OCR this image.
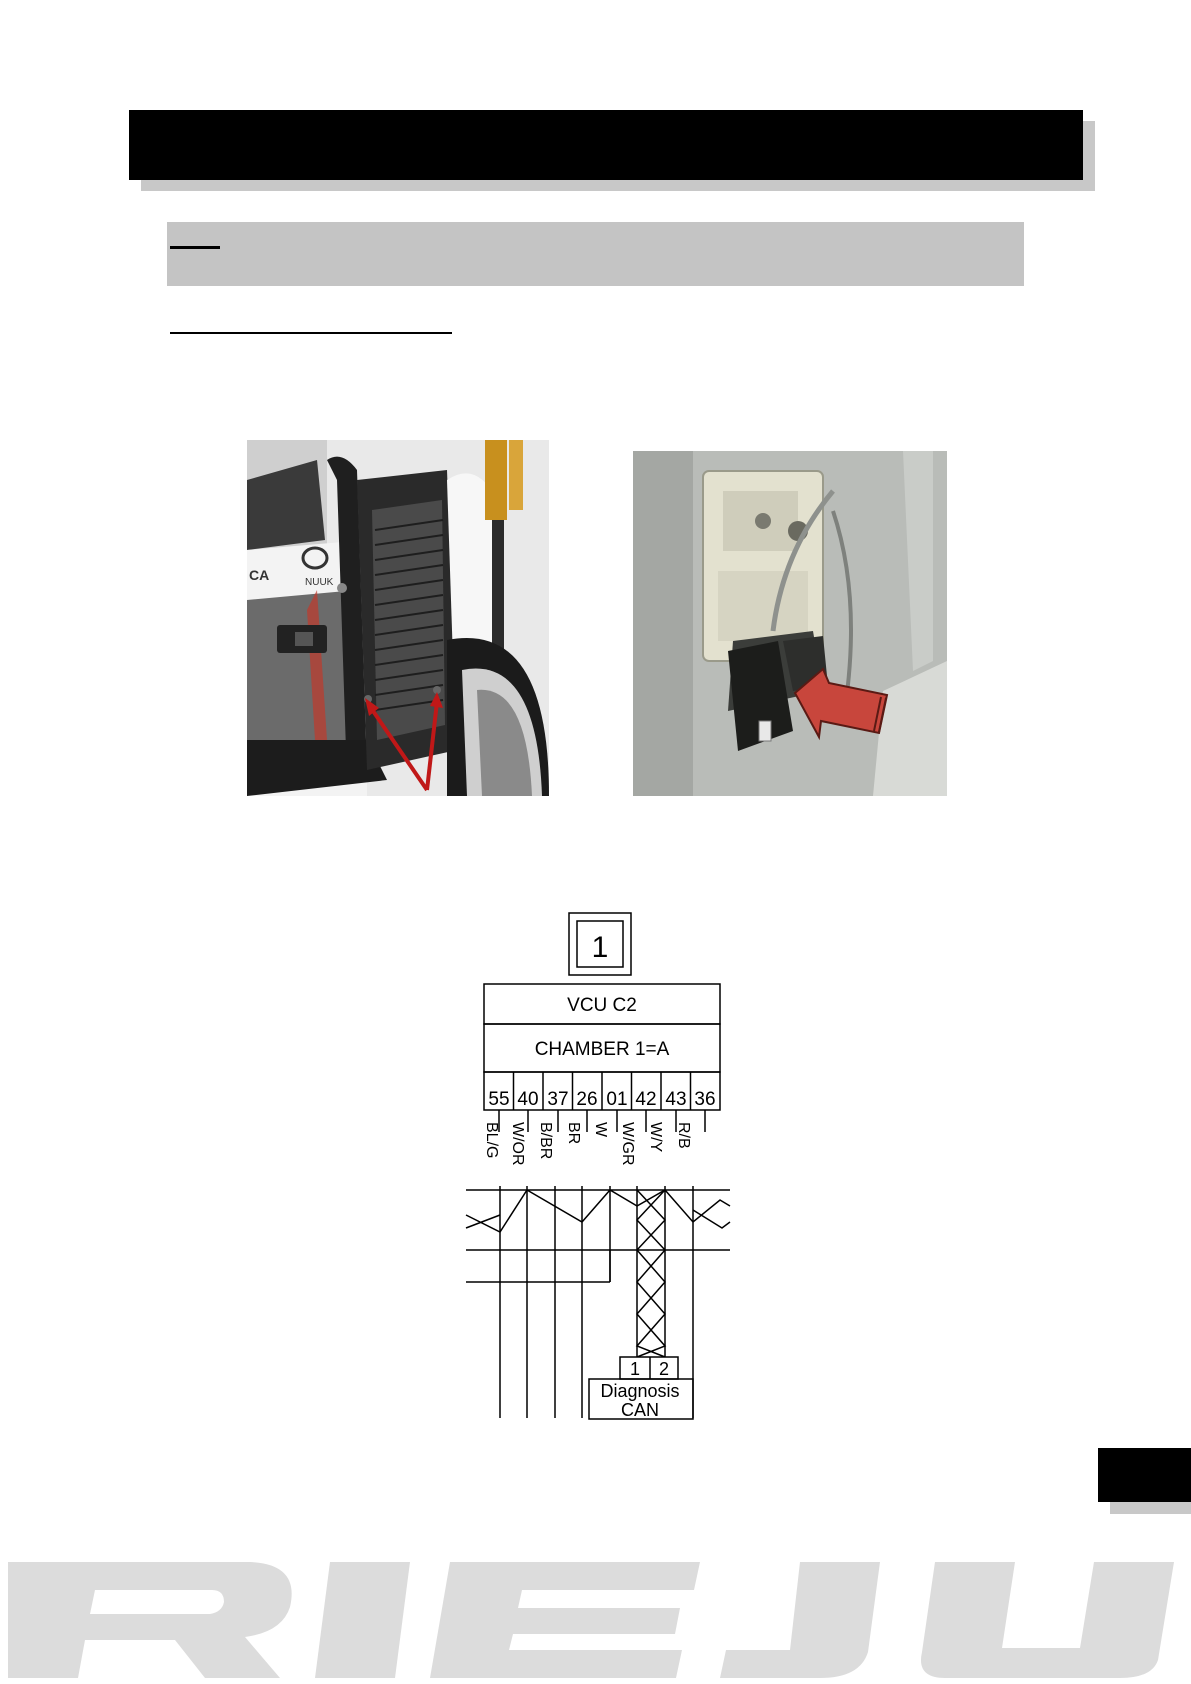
CA	NUUK
1
VCU C2
CHAMBER 1=A
55 40 37 26 01 42 43 36
BL/G W/OR B/BR BR W W/GR W/Y R/B
1 2
Diagnosis
CAN
